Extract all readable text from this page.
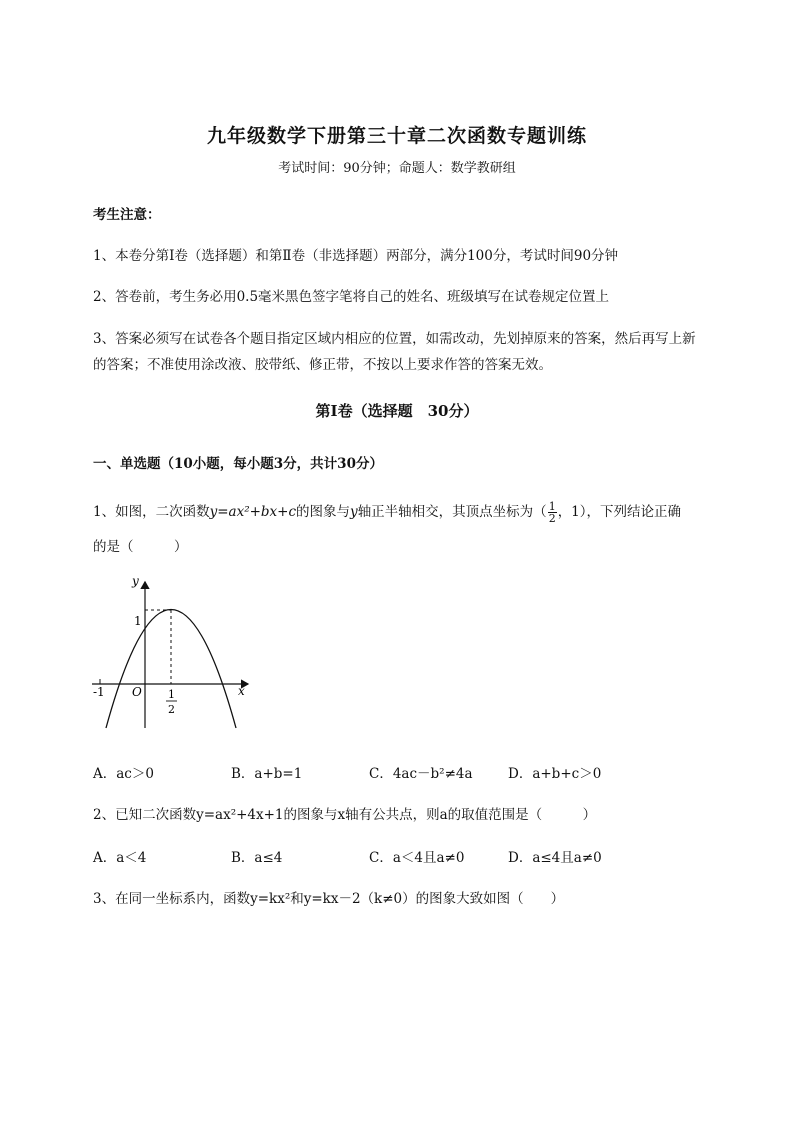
九年级数学下册第三十章二次函数专题训练
考试时间：90分钟；命题人：数学教研组
考生注意：
1、本卷分第I卷（选择题）和第Ⅱ卷（非选择题）两部分，满分100分，考试时间90分钟
2、答卷前，考生务必用0.5毫米黑色签字笔将自己的姓名、班级填写在试卷规定位置上
3、答案必须写在试卷各个题目指定区域内相应的位置，如需改动，先划掉原来的答案，然后再写上新
的答案；不准使用涂改液、胶带纸、修正带，不按以上要求作答的答案无效。
第I卷（选择题　30分）
一、单选题（10小题，每小题3分，共计30分）
1、如图，二次函数y=ax²+bx+c的图象与y轴正半轴相交，其顶点坐标为（ $\frac{1}{2}$ ，1），下列结论正确
的是（　　　）
y
x
O
-1
1
1
2
A．ac＞0	B．a+b=1	C．4ac－b²≠4a	D．a+b+c＞0
2、已知二次函数y=ax²+4x+1的图象与x轴有公共点，则a的取值范围是（　　　）
A．a＜4	B．a≤4	C．a＜4且a≠0	D．a≤4且a≠0
3、在同一坐标系内，函数y=kx²和y=kx－2（k≠0）的图象大致如图（　　）
